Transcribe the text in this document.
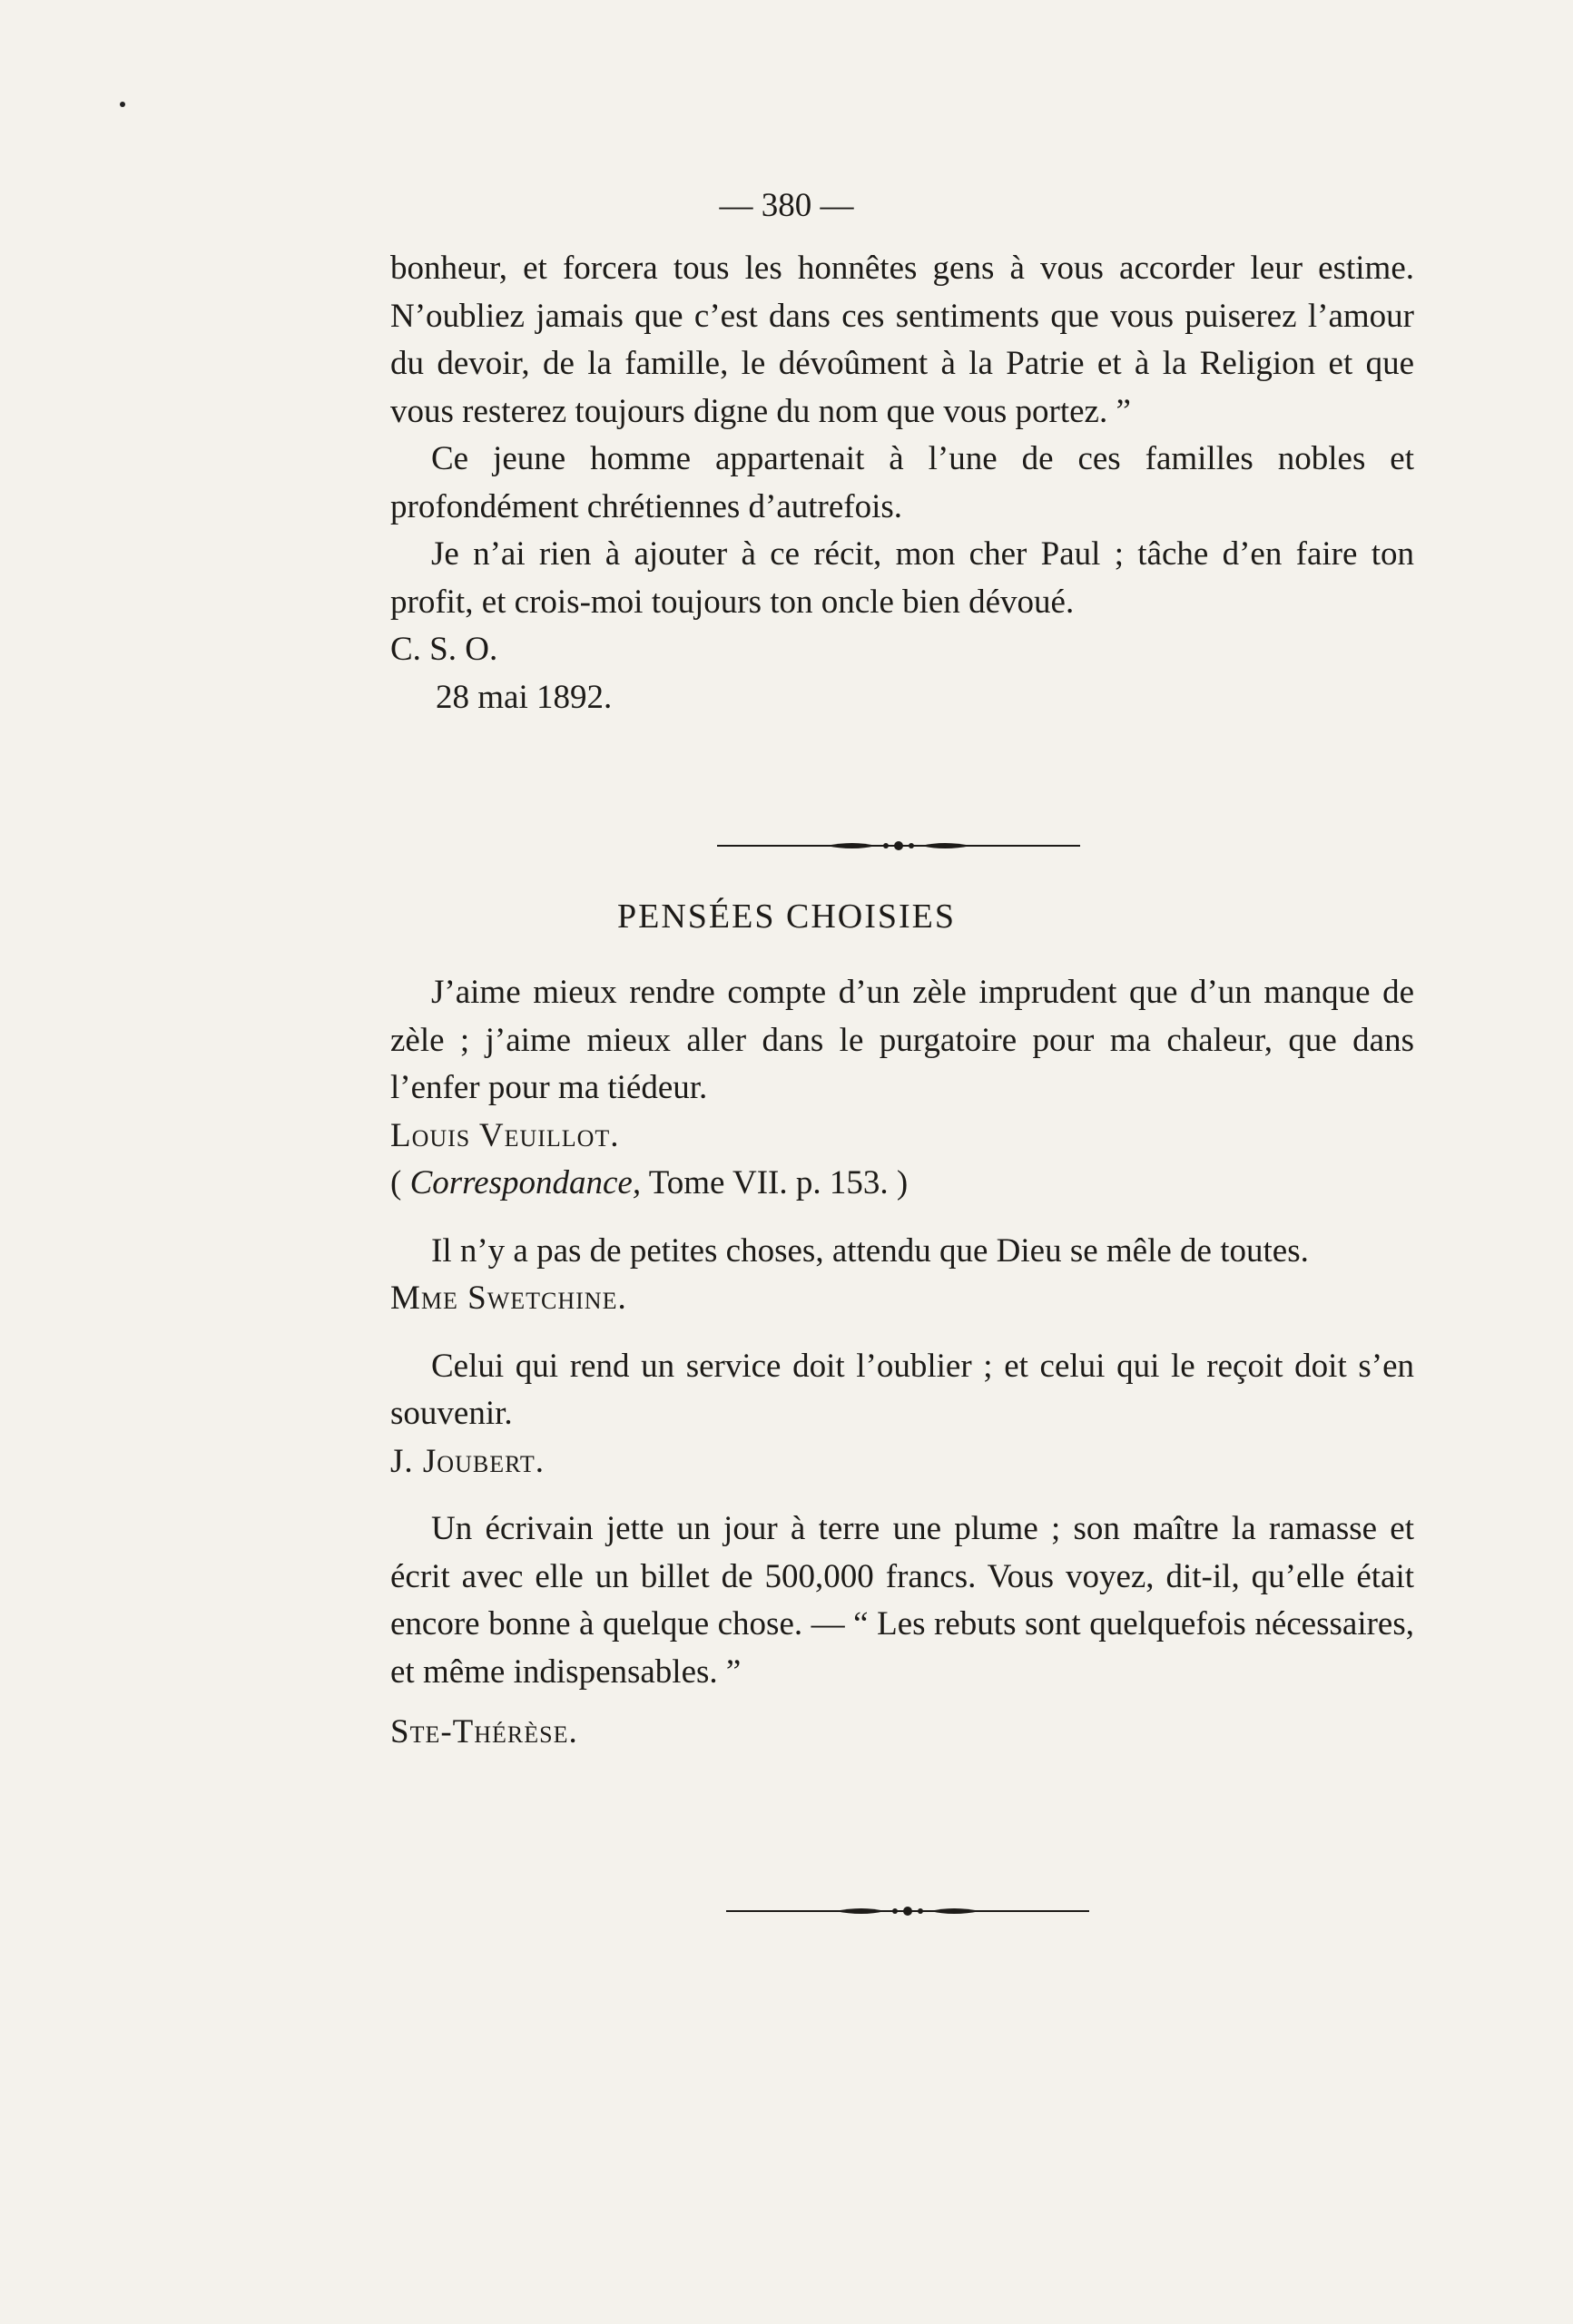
— 380 —

bonheur, et forcera tous les honnêtes gens à vous accorder leur estime. N’oubliez jamais que c’est dans ces sentiments que vous puiserez l’amour du devoir, de la famille, le dévoûment à la Patrie et à la Religion et que vous resterez toujours digne du nom que vous portez. ”

Ce jeune homme appartenait à l’une de ces familles nobles et profondément chrétiennes d’autrefois.

Je n’ai rien à ajouter à ce récit, mon cher Paul ; tâche d’en faire ton profit, et crois-moi toujours ton oncle bien dévoué.

C. S. O.

28 mai 1892.

PENSÉES CHOISIES

J’aime mieux rendre compte d’un zèle imprudent que d’un manque de zèle ; j’aime mieux aller dans le purgatoire pour ma chaleur, que dans l’enfer pour ma tiédeur.

Louis Veuillot.

( Correspondance, Tome VII. p. 153. )

Il n’y a pas de petites choses, attendu que Dieu se mêle de toutes.

Mme Swetchine.

Celui qui rend un service doit l’oublier ; et celui qui le reçoit doit s’en souvenir.

J. Joubert.

Un écrivain jette un jour à terre une plume ; son maître la ramasse et écrit avec elle un billet de 500,000 francs. Vous voyez, dit-il, qu’elle était encore bonne à quelque chose. — “ Les rebuts sont quelquefois nécessaires, et même indispensables. ”

Ste-Thérèse.
